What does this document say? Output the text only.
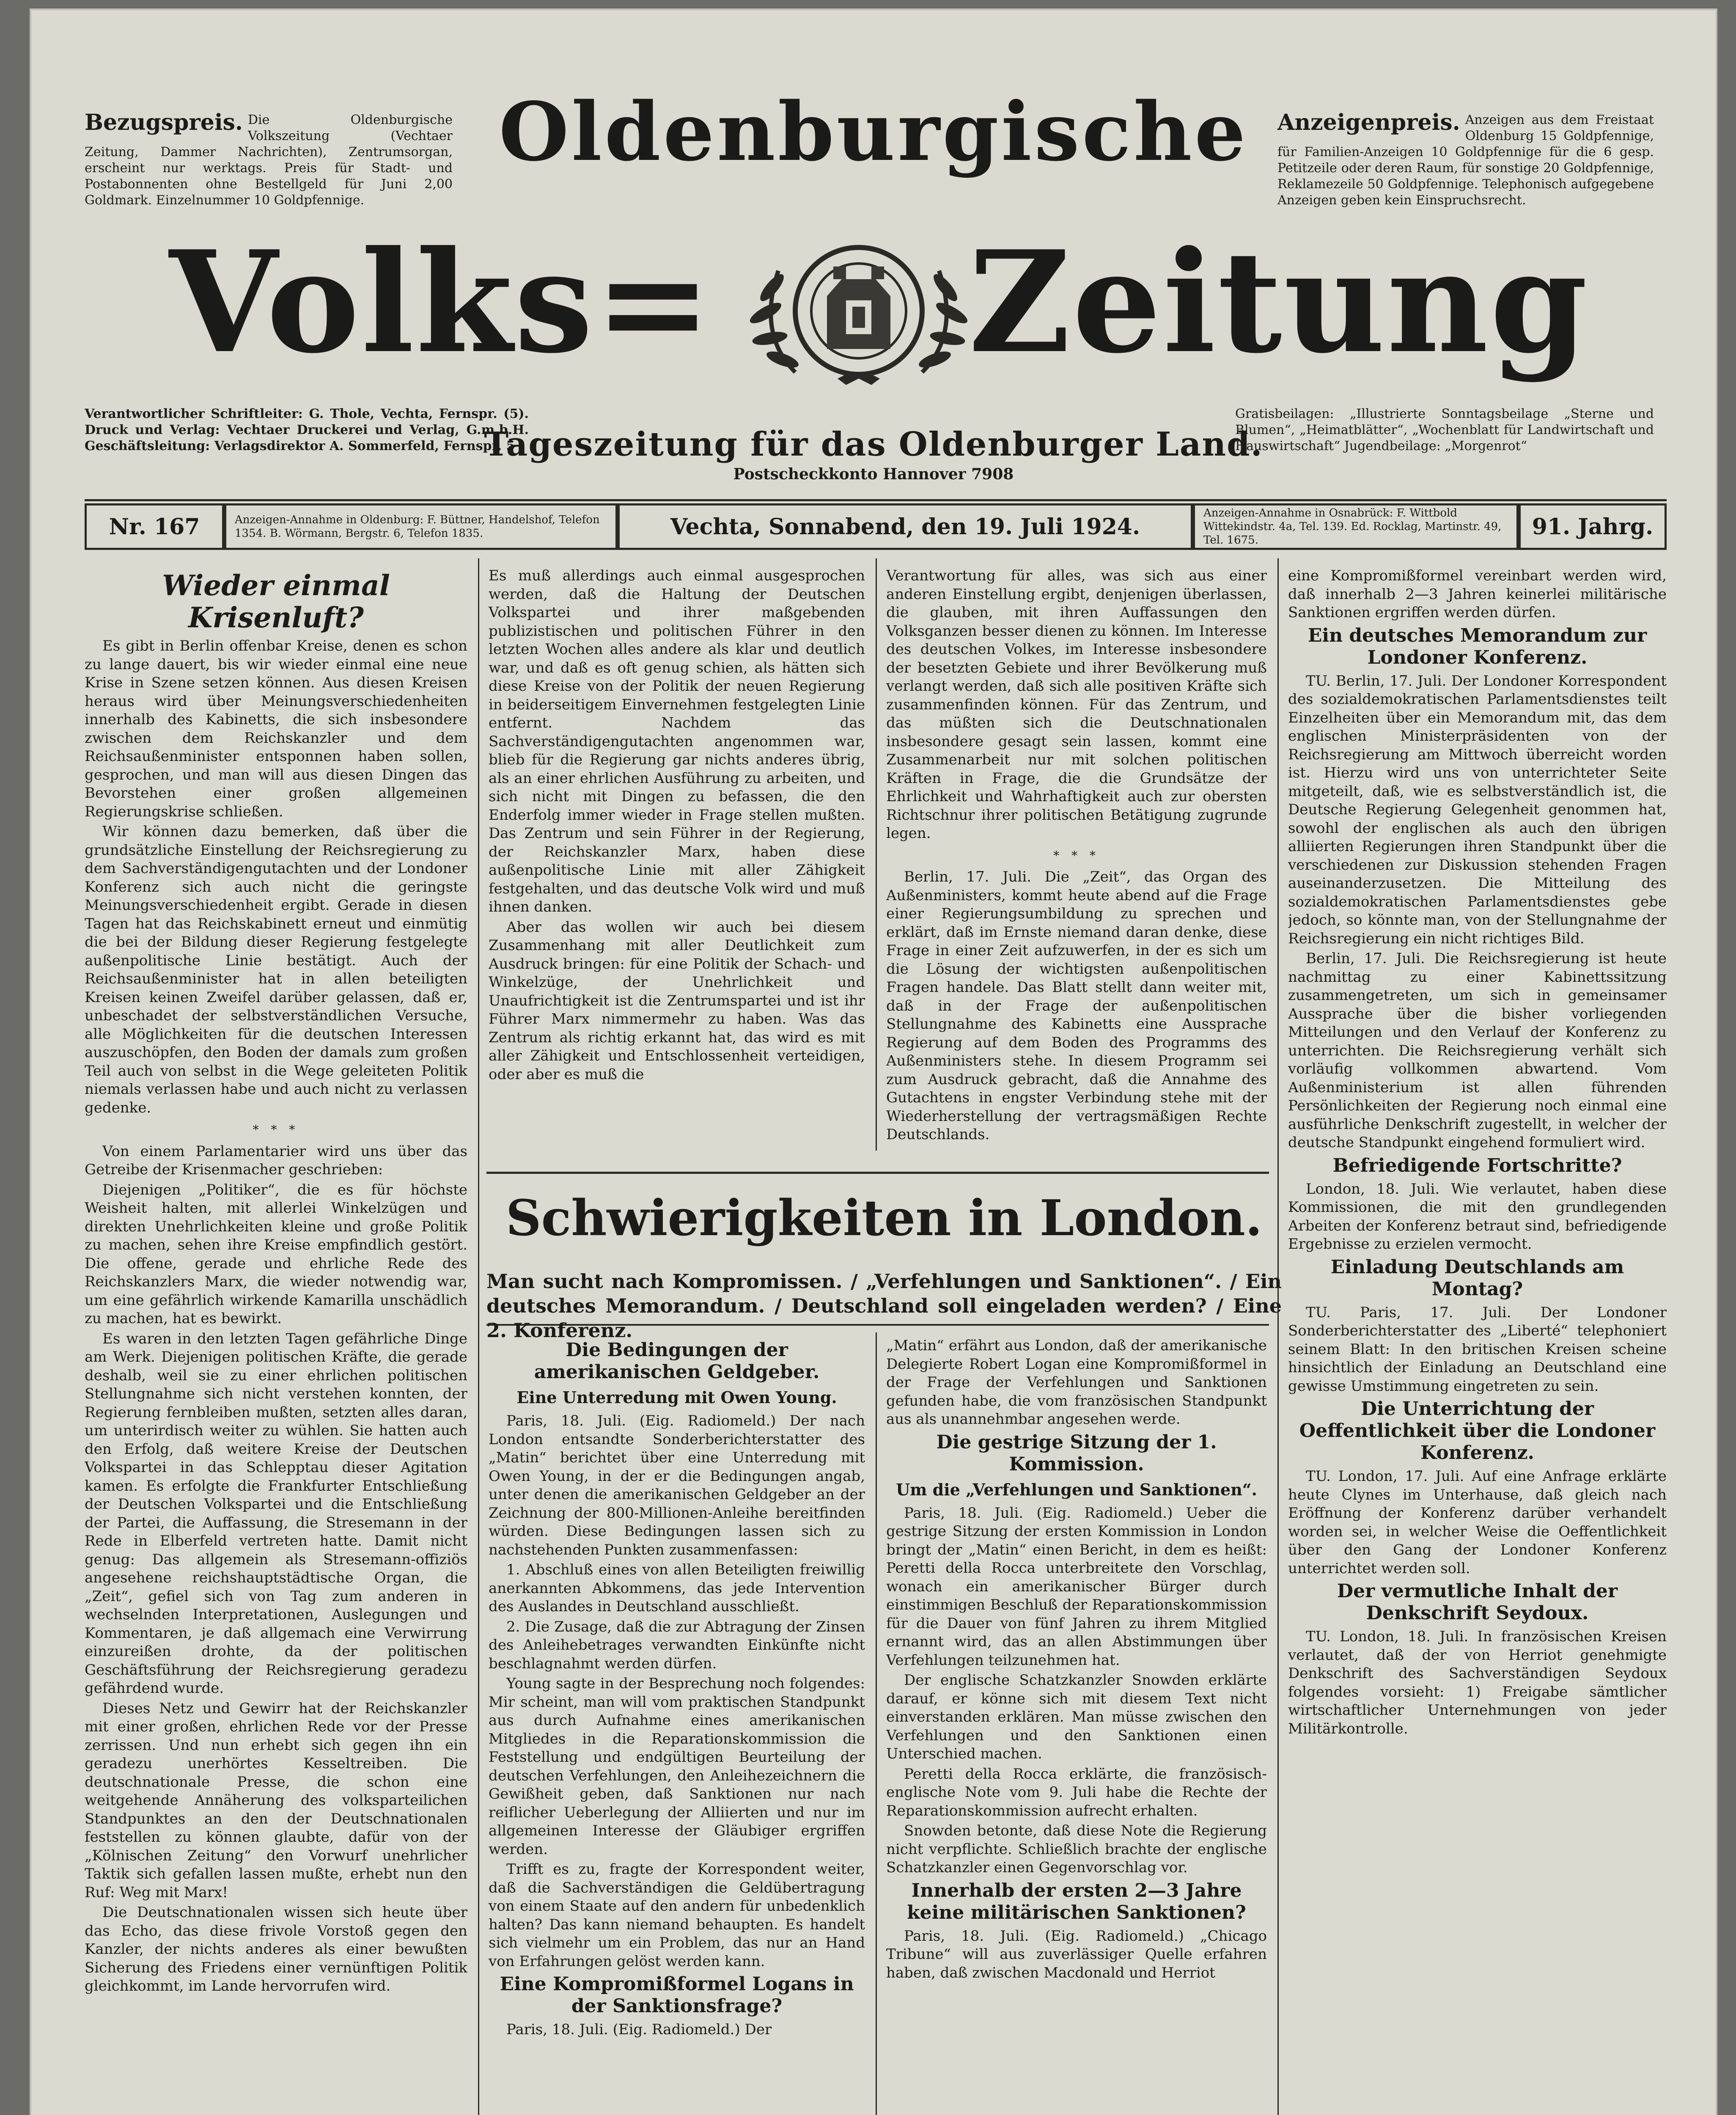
Bezugspreis. Die Oldenburgische Volkszeitung (Vechtaer Zeitung, Dammer Nachrichten), Zentrumsorgan, erscheint nur werktags. Preis für Stadt- und Postabonnenten ohne Bestellgeld für Juni 2,00 Goldmark. Einzelnummer 10 Goldpfennige.
Anzeigenpreis. Anzeigen aus dem Freistaat Oldenburg 15 Goldpfennige, für Familien-Anzeigen 10 Goldpfennige für die 6 gesp. Petitzeile oder deren Raum, für sonstige 20 Goldpfennige, Reklamezeile 50 Goldpfennige. Telephonisch aufgegebene Anzeigen geben kein Einspruchsrecht.
Oldenburgische
Volks= Zeitung
Tageszeitung für das Oldenburger Land.
Postscheckkonto Hannover 7908
Verantwortlicher Schriftleiter: G. Thole, Vechta, Fernspr. (5). Druck und Verlag: Vechtaer Druckerei und Verlag, G.m.b.H. Geschäftsleitung: Verlagsdirektor A. Sommerfeld, Fernspr. 5
Gratisbeilagen: „Illustrierte Sonntagsbeilage „Sterne und Blumen“, „Heimatblätter“, „Wochenblatt für Landwirtschaft und Hauswirtschaft“ Jugendbeilage: „Morgenrot“
Nr. 167	Anzeigen-Annahme in Oldenburg: F. Büttner, Handelshof, Telefon 1354. B. Wörmann, Bergstr. 6, Telefon 1835.	Vechta, Sonnabend, den 19. Juli 1924.
Anzeigen-Annahme in Osnabrück: F. Wittbold Wittekindstr. 4a, Tel. 139. Ed. Rocklag, Martinstr. 49, Tel. 1675.
91. Jahrg.
Wieder einmal Krisenluft?

Es gibt in Berlin offenbar Kreise, denen es schon zu lange dauert, bis wir wieder einmal eine neue Krise in Szene setzen können. Aus diesen Kreisen heraus wird über Meinungsverschiedenheiten innerhalb des Kabinetts, die sich insbesondere zwischen dem Reichskanzler und dem Reichsaußenminister entsponnen haben sollen, gesprochen, und man will aus diesen Dingen das Bevorstehen einer großen allgemeinen Regierungskrise schließen.

Wir können dazu bemerken, daß über die grundsätzliche Einstellung der Reichsregierung zu dem Sachverständigengutachten und der Londoner Konferenz sich auch nicht die geringste Meinungsverschiedenheit ergibt. Gerade in diesen Tagen hat das Reichskabinett erneut und einmütig die bei der Bildung dieser Regierung festgelegte außenpolitische Linie bestätigt. Auch der Reichsaußenminister hat in allen beteiligten Kreisen keinen Zweifel darüber gelassen, daß er, unbeschadet der selbstverständlichen Versuche, alle Möglichkeiten für die deutschen Interessen auszuschöpfen, den Boden der damals zum großen Teil auch von selbst in die Wege geleiteten Politik niemals verlassen habe und auch nicht zu verlassen gedenke.

* * *

Von einem Parlamentarier wird uns über das Getreibe der Krisenmacher geschrieben:

Diejenigen „Politiker“, die es für höchste Weisheit halten, mit allerlei Winkelzügen und direkten Unehrlichkeiten kleine und große Politik zu machen, sehen ihre Kreise empfindlich gestört. Die offene, gerade und ehrliche Rede des Reichskanzlers Marx, die wieder notwendig war, um eine gefährlich wirkende Kamarilla unschädlich zu machen, hat es bewirkt.

Es waren in den letzten Tagen gefährliche Dinge am Werk. Diejenigen politischen Kräfte, die gerade deshalb, weil sie zu einer ehrlichen politischen Stellungnahme sich nicht verstehen konnten, der Regierung fernbleiben mußten, setzten alles daran, um unterirdisch weiter zu wühlen. Sie hatten auch den Erfolg, daß weitere Kreise der Deutschen Volkspartei in das Schlepptau dieser Agitation kamen. Es erfolgte die Frankfurter Entschließung der Deutschen Volkspartei und die Entschließung der Partei, die Auffassung, die Stresemann in der Rede in Elberfeld vertreten hatte. Damit nicht genug: Das allgemein als Stresemann-offiziös angesehene reichshauptstädtische Organ, die „Zeit“, gefiel sich von Tag zum anderen in wechselnden Interpretationen, Auslegungen und Kommentaren, je daß allgemach eine Verwirrung einzureißen drohte, da der politischen Geschäftsführung der Reichsregierung geradezu gefährdend wurde.

Dieses Netz und Gewirr hat der Reichskanzler mit einer großen, ehrlichen Rede vor der Presse zerrissen. Und nun erhebt sich gegen ihn ein geradezu unerhörtes Kesseltreiben. Die deutschnationale Presse, die schon eine weitgehende Annäherung des volksparteilichen Standpunktes an den der Deutschnationalen feststellen zu können glaubte, dafür von der „Kölnischen Zeitung“ den Vorwurf unehrlicher Taktik sich gefallen lassen mußte, erhebt nun den Ruf: Weg mit Marx!

Die Deutschnationalen wissen sich heute über das Echo, das diese frivole Vorstoß gegen den Kanzler, der nichts anderes als einer bewußten Sicherung des Friedens einer vernünftigen Politik gleichkommt, im Lande hervorrufen wird.

Es muß allerdings auch einmal ausgesprochen werden, daß die Haltung der Deutschen Volkspartei und ihrer maßgebenden publizistischen und politischen Führer in den letzten Wochen alles andere als klar und deutlich war, und daß es oft genug schien, als hätten sich diese Kreise von der Politik der neuen Regierung in beiderseitigem Einvernehmen festgelegten Linie entfernt. Nachdem das Sachverständigengutachten angenommen war, blieb für die Regierung gar nichts anderes übrig, als an einer ehrlichen Ausführung zu arbeiten, und sich nicht mit Dingen zu befassen, die den Enderfolg immer wieder in Frage stellen mußten. Das Zentrum und sein Führer in der Regierung, der Reichskanzler Marx, haben diese außenpolitische Linie mit aller Zähigkeit festgehalten, und das deutsche Volk wird und muß ihnen danken.

Aber das wollen wir auch bei diesem Zusammenhang mit aller Deutlichkeit zum Ausdruck bringen: für eine Politik der Schach- und Winkelzüge, der Unehrlichkeit und Unaufrichtigkeit ist die Zentrumspartei und ist ihr Führer Marx nimmermehr zu haben. Was das Zentrum als richtig erkannt hat, das wird es mit aller Zähigkeit und Entschlossenheit verteidigen, oder aber es muß die

Verantwortung für alles, was sich aus einer anderen Einstellung ergibt, denjenigen überlassen, die glauben, mit ihren Auffassungen den Volksganzen besser dienen zu können. Im Interesse des deutschen Volkes, im Interesse insbesondere der besetzten Gebiete und ihrer Bevölkerung muß verlangt werden, daß sich alle positiven Kräfte sich zusammenfinden können. Für das Zentrum, und das müßten sich die Deutschnationalen insbesondere gesagt sein lassen, kommt eine Zusammenarbeit nur mit solchen politischen Kräften in Frage, die die Grundsätze der Ehrlichkeit und Wahrhaftigkeit auch zur obersten Richtschnur ihrer politischen Betätigung zugrunde legen.

* * *

Berlin, 17. Juli. Die „Zeit“, das Organ des Außenministers, kommt heute abend auf die Frage einer Regierungsumbildung zu sprechen und erklärt, daß im Ernste niemand daran denke, diese Frage in einer Zeit aufzuwerfen, in der es sich um die Lösung der wichtigsten außenpolitischen Fragen handele. Das Blatt stellt dann weiter mit, daß in der Frage der außenpolitischen Stellungnahme des Kabinetts eine Aussprache Regierung auf dem Boden des Programms des Außenministers stehe. In diesem Programm sei zum Ausdruck gebracht, daß die Annahme des Gutachtens in engster Verbindung stehe mit der Wiederherstellung der vertragsmäßigen Rechte Deutschlands.

Schwierigkeiten in London.
Man sucht nach Kompromissen. / „Verfehlungen und Sanktionen“. / Ein deutsches Memorandum. / Deutschland soll eingeladen werden? / Eine 2. Konferenz.
Die Bedingungen der amerikanischen Geldgeber.
Eine Unterredung mit Owen Young.

Paris, 18. Juli. (Eig. Radiomeld.) Der nach London entsandte Sonderberichterstatter des „Matin“ berichtet über eine Unterredung mit Owen Young, in der er die Bedingungen angab, unter denen die amerikanischen Geldgeber an der Zeichnung der 800-Millionen-Anleihe bereitfinden würden. Diese Bedingungen lassen sich zu nachstehenden Punkten zusammenfassen:

1. Abschluß eines von allen Beteiligten freiwillig anerkannten Abkommens, das jede Intervention des Auslandes in Deutschland ausschließt.

2. Die Zusage, daß die zur Abtragung der Zinsen des Anleihebetrages verwandten Einkünfte nicht beschlagnahmt werden dürfen.

Young sagte in der Besprechung noch folgendes: Mir scheint, man will vom praktischen Standpunkt aus durch Aufnahme eines amerikanischen Mitgliedes in die Reparationskommission die Feststellung und endgültigen Beurteilung der deutschen Verfehlungen, den Anleihezeichnern die Gewißheit geben, daß Sanktionen nur nach reiflicher Ueberlegung der Alliierten und nur im allgemeinen Interesse der Gläubiger ergriffen werden.

Trifft es zu, fragte der Korrespondent weiter, daß die Sachverständigen die Geldübertragung von einem Staate auf den andern für unbedenklich halten? Das kann niemand behaupten. Es handelt sich vielmehr um ein Problem, das nur an Hand von Erfahrungen gelöst werden kann.

Eine Kompromißformel Logans in der Sanktionsfrage?

Paris, 18. Juli. (Eig. Radiomeld.) Der

„Matin“ erfährt aus London, daß der amerikanische Delegierte Robert Logan eine Kompromißformel in der Frage der Verfehlungen und Sanktionen gefunden habe, die vom französischen Standpunkt aus als unannehmbar angesehen werde.

Die gestrige Sitzung der 1. Kommission.
Um die „Verfehlungen und Sanktionen“.

Paris, 18. Juli. (Eig. Radiomeld.) Ueber die gestrige Sitzung der ersten Kommission in London bringt der „Matin“ einen Bericht, in dem es heißt: Peretti della Rocca unterbreitete den Vorschlag, wonach ein amerikanischer Bürger durch einstimmigen Beschluß der Reparationskommission für die Dauer von fünf Jahren zu ihrem Mitglied ernannt wird, das an allen Abstimmungen über Verfehlungen teilzunehmen hat.

Der englische Schatzkanzler Snowden erklärte darauf, er könne sich mit diesem Text nicht einverstanden erklären. Man müsse zwischen den Verfehlungen und den Sanktionen einen Unterschied machen.

Peretti della Rocca erklärte, die französisch-englische Note vom 9. Juli habe die Rechte der Reparationskommission aufrecht erhalten.

Snowden betonte, daß diese Note die Regierung nicht verpflichte. Schließlich brachte der englische Schatzkanzler einen Gegenvorschlag vor.

Innerhalb der ersten 2—3 Jahre keine militärischen Sanktionen?

Paris, 18. Juli. (Eig. Radiomeld.) „Chicago Tribune“ will aus zuverlässiger Quelle erfahren haben, daß zwischen Macdonald und Herriot

eine Kompromißformel vereinbart werden wird, daß innerhalb 2—3 Jahren keinerlei militärische Sanktionen ergriffen werden dürfen.

Ein deutsches Memorandum zur Londoner Konferenz.

TU. Berlin, 17. Juli. Der Londoner Korrespondent des sozialdemokratischen Parlamentsdienstes teilt Einzelheiten über ein Memorandum mit, das dem englischen Ministerpräsidenten von der Reichsregierung am Mittwoch überreicht worden ist. Hierzu wird uns von unterrichteter Seite mitgeteilt, daß, wie es selbstverständlich ist, die Deutsche Regierung Gelegenheit genommen hat, sowohl der englischen als auch den übrigen alliierten Regierungen ihren Standpunkt über die verschiedenen zur Diskussion stehenden Fragen auseinanderzusetzen. Die Mitteilung des sozialdemokratischen Parlamentsdienstes gebe jedoch, so könnte man, von der Stellungnahme der Reichsregierung ein nicht richtiges Bild.

Berlin, 17. Juli. Die Reichsregierung ist heute nachmittag zu einer Kabinettssitzung zusammengetreten, um sich in gemeinsamer Aussprache über die bisher vorliegenden Mitteilungen und den Verlauf der Konferenz zu unterrichten. Die Reichsregierung verhält sich vorläufig vollkommen abwartend. Vom Außenministerium ist allen führenden Persönlichkeiten der Regierung noch einmal eine ausführliche Denkschrift zugestellt, in welcher der deutsche Standpunkt eingehend formuliert wird.

Befriedigende Fortschritte?

London, 18. Juli. Wie verlautet, haben diese Kommissionen, die mit den grundlegenden Arbeiten der Konferenz betraut sind, befriedigende Ergebnisse zu erzielen vermocht.

Einladung Deutschlands am Montag?

TU. Paris, 17. Juli. Der Londoner Sonderberichterstatter des „Liberté“ telephoniert seinem Blatt: In den britischen Kreisen scheine hinsichtlich der Einladung an Deutschland eine gewisse Umstimmung eingetreten zu sein.

Die Unterrichtung der Oeffentlichkeit über die Londoner Konferenz.

TU. London, 17. Juli. Auf eine Anfrage erklärte heute Clynes im Unterhause, daß gleich nach Eröffnung der Konferenz darüber verhandelt worden sei, in welcher Weise die Oeffentlichkeit über den Gang der Londoner Konferenz unterrichtet werden soll.

Der vermutliche Inhalt der Denkschrift Seydoux.

TU. London, 18. Juli. In französischen Kreisen verlautet, daß der von Herriot genehmigte Denkschrift des Sachverständigen Seydoux folgendes vorsieht: 1) Freigabe sämtlicher wirtschaftlicher Unternehmungen von jeder Militärkontrolle.
